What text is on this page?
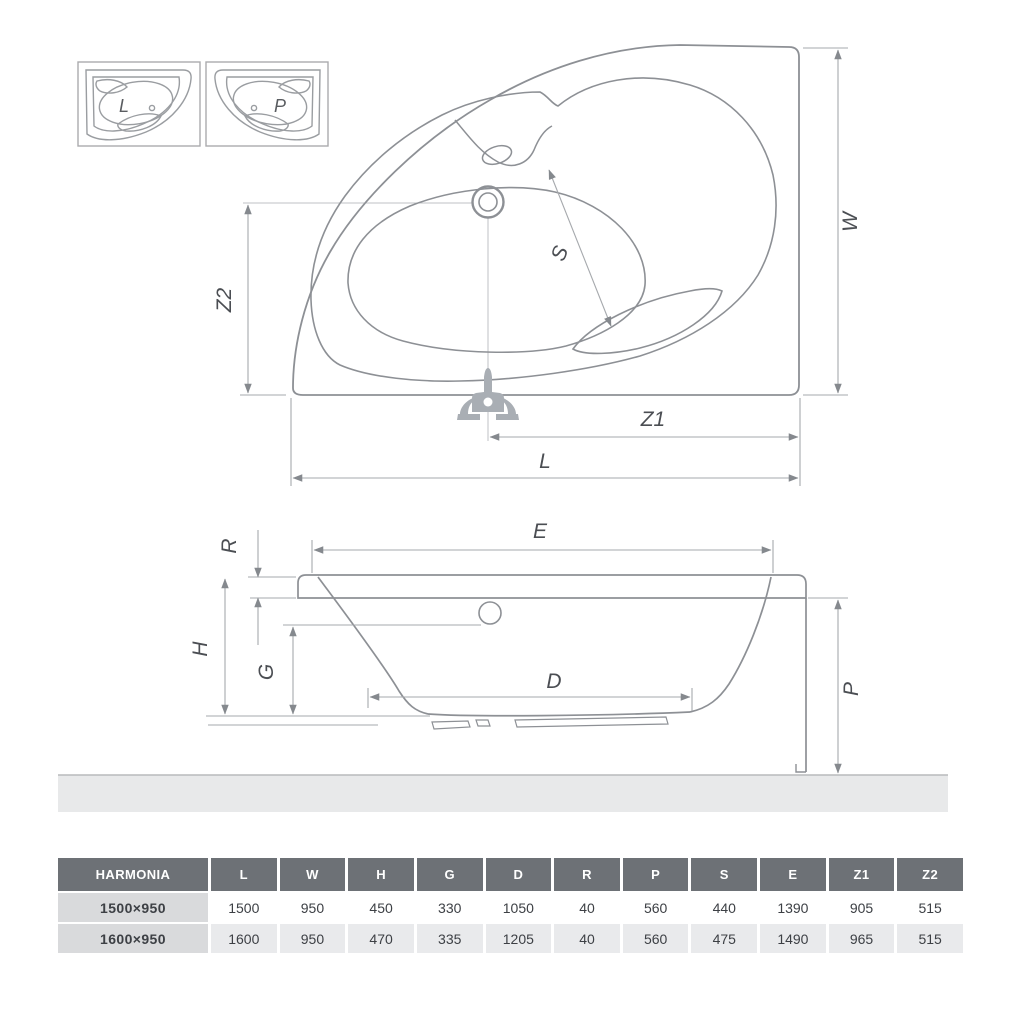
L	P
W
Z2
Z1
L
S
E
R
H
G	D	P
HARMONIA	L	W	H	G	D	R	P	S	E	Z1	Z2
1500×950	1500	950	450	330	1050	40	560	440	1390	905	515
1600×950	1600	950	470	335	1205	40	560	475	1490	965	515
